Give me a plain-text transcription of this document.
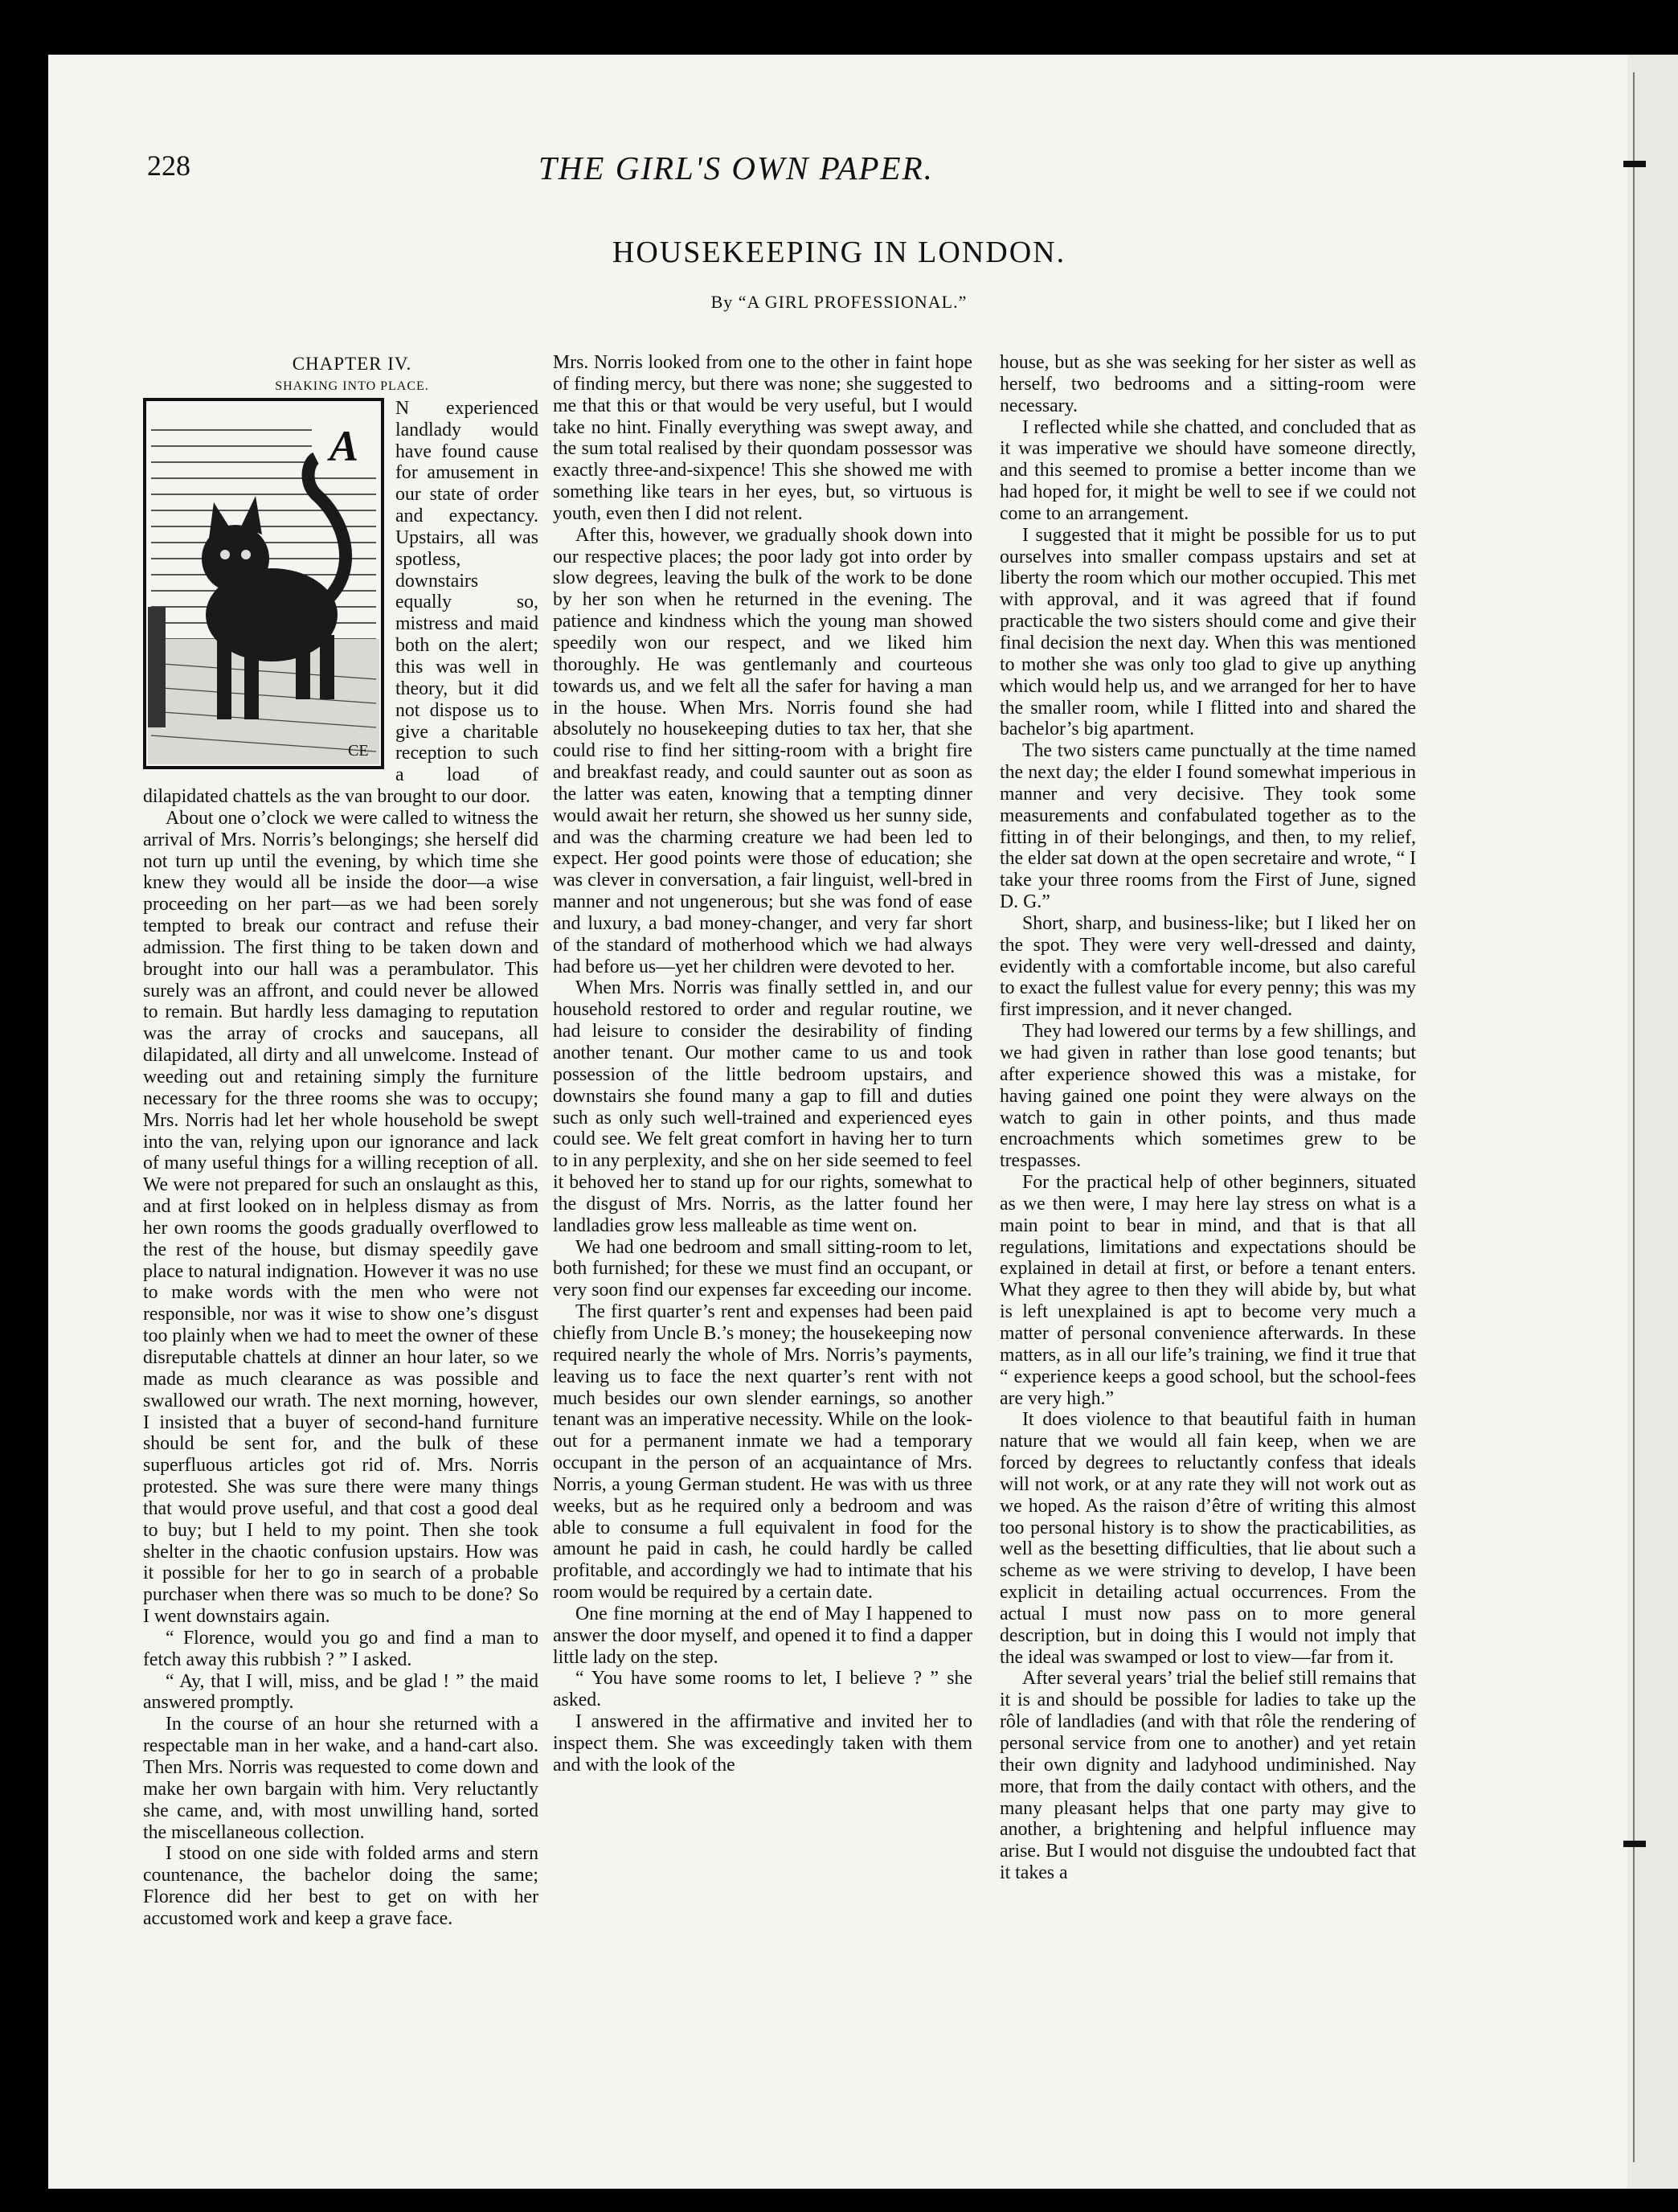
228	THE GIRL'S OWN PAPER.
HOUSEKEEPING IN LONDON.
By “A GIRL PROFESSIONAL.”

CHAPTER IV.

SHAKING INTO PLACE.

CE
A

N experienced landlady would have found cause for amusement in our state of order and expectancy. Upstairs, all was spotless, downstairs equally so, mistress and maid both on the alert; this was well in theory, but it did not dispose us to give a charitable reception to such a load of dilapidated chattels as the van brought to our door.

About one o’clock we were called to witness the arrival of Mrs. Norris’s belongings; she herself did not turn up until the evening, by which time she knew they would all be inside the door—a wise proceeding on her part—as we had been sorely tempted to break our contract and refuse their admission. The first thing to be taken down and brought into our hall was a perambulator. This surely was an affront, and could never be allowed to remain. But hardly less damaging to reputation was the array of crocks and saucepans, all dilapidated, all dirty and all unwelcome. Instead of weeding out and retaining simply the furniture necessary for the three rooms she was to occupy; Mrs. Norris had let her whole household be swept into the van, relying upon our ignorance and lack of many useful things for a willing reception of all. We were not prepared for such an onslaught as this, and at first looked on in helpless dismay as from her own rooms the goods gradually overflowed to the rest of the house, but dismay speedily gave place to natural indignation. However it was no use to make words with the men who were not responsible, nor was it wise to show one’s disgust too plainly when we had to meet the owner of these disreputable chattels at dinner an hour later, so we made as much clearance as was possible and swallowed our wrath. The next morning, however, I insisted that a buyer of second-hand furniture should be sent for, and the bulk of these superfluous articles got rid of. Mrs. Norris protested. She was sure there were many things that would prove useful, and that cost a good deal to buy; but I held to my point. Then she took shelter in the chaotic confusion upstairs. How was it possible for her to go in search of a probable purchaser when there was so much to be done? So I went downstairs again.

“ Florence, would you go and find a man to fetch away this rubbish ? ” I asked.

“ Ay, that I will, miss, and be glad ! ” the maid answered promptly.

In the course of an hour she returned with a respectable man in her wake, and a hand-cart also. Then Mrs. Norris was requested to come down and make her own bargain with him. Very reluctantly she came, and, with most unwilling hand, sorted the miscellaneous collection.

I stood on one side with folded arms and stern countenance, the bachelor doing the same; Florence did her best to get on with her accustomed work and keep a grave face.

Mrs. Norris looked from one to the other in faint hope of finding mercy, but there was none; she suggested to me that this or that would be very useful, but I would take no hint. Finally everything was swept away, and the sum total realised by their quondam possessor was exactly three-and-sixpence! This she showed me with something like tears in her eyes, but, so virtuous is youth, even then I did not relent.

After this, however, we gradually shook down into our respective places; the poor lady got into order by slow degrees, leaving the bulk of the work to be done by her son when he returned in the evening. The patience and kindness which the young man showed speedily won our respect, and we liked him thoroughly. He was gentlemanly and courteous towards us, and we felt all the safer for having a man in the house. When Mrs. Norris found she had absolutely no housekeeping duties to tax her, that she could rise to find her sitting-room with a bright fire and breakfast ready, and could saunter out as soon as the latter was eaten, knowing that a tempting dinner would await her return, she showed us her sunny side, and was the charming creature we had been led to expect. Her good points were those of education; she was clever in conversation, a fair linguist, well-bred in manner and not ungenerous; but she was fond of ease and luxury, a bad money-changer, and very far short of the standard of motherhood which we had always had before us—yet her children were devoted to her.

When Mrs. Norris was finally settled in, and our household restored to order and regular routine, we had leisure to consider the desirability of finding another tenant. Our mother came to us and took possession of the little bedroom upstairs, and downstairs she found many a gap to fill and duties such as only such well-trained and experienced eyes could see. We felt great comfort in having her to turn to in any perplexity, and she on her side seemed to feel it behoved her to stand up for our rights, somewhat to the disgust of Mrs. Norris, as the latter found her landladies grow less malleable as time went on.

We had one bedroom and small sitting-room to let, both furnished; for these we must find an occupant, or very soon find our expenses far exceeding our income.

The first quarter’s rent and expenses had been paid chiefly from Uncle B.’s money; the housekeeping now required nearly the whole of Mrs. Norris’s payments, leaving us to face the next quarter’s rent with not much besides our own slender earnings, so another tenant was an imperative necessity. While on the look-out for a permanent inmate we had a temporary occupant in the person of an acquaintance of Mrs. Norris, a young German student. He was with us three weeks, but as he required only a bedroom and was able to consume a full equivalent in food for the amount he paid in cash, he could hardly be called profitable, and accordingly we had to intimate that his room would be required by a certain date.

One fine morning at the end of May I happened to answer the door myself, and opened it to find a dapper little lady on the step.

“ You have some rooms to let, I believe ? ” she asked.

I answered in the affirmative and invited her to inspect them. She was exceedingly taken with them and with the look of the

house, but as she was seeking for her sister as well as herself, two bedrooms and a sitting-room were necessary.

I reflected while she chatted, and concluded that as it was imperative we should have someone directly, and this seemed to promise a better income than we had hoped for, it might be well to see if we could not come to an arrangement.

I suggested that it might be possible for us to put ourselves into smaller compass upstairs and set at liberty the room which our mother occupied. This met with approval, and it was agreed that if found practicable the two sisters should come and give their final decision the next day. When this was mentioned to mother she was only too glad to give up anything which would help us, and we arranged for her to have the smaller room, while I flitted into and shared the bachelor’s big apartment.

The two sisters came punctually at the time named the next day; the elder I found somewhat imperious in manner and very decisive. They took some measurements and confabulated together as to the fitting in of their belongings, and then, to my relief, the elder sat down at the open secretaire and wrote, “ I take your three rooms from the First of June, signed D. G.”

Short, sharp, and business-like; but I liked her on the spot. They were very well-dressed and dainty, evidently with a comfortable income, but also careful to exact the fullest value for every penny; this was my first impression, and it never changed.

They had lowered our terms by a few shillings, and we had given in rather than lose good tenants; but after experience showed this was a mistake, for having gained one point they were always on the watch to gain in other points, and thus made encroachments which sometimes grew to be trespasses.

For the practical help of other beginners, situated as we then were, I may here lay stress on what is a main point to bear in mind, and that is that all regulations, limitations and expectations should be explained in detail at first, or before a tenant enters. What they agree to then they will abide by, but what is left unexplained is apt to become very much a matter of personal convenience afterwards. In these matters, as in all our life’s training, we find it true that “ experience keeps a good school, but the school-fees are very high.”

It does violence to that beautiful faith in human nature that we would all fain keep, when we are forced by degrees to reluctantly confess that ideals will not work, or at any rate they will not work out as we hoped. As the raison d’être of writing this almost too personal history is to show the practicabilities, as well as the besetting difficulties, that lie about such a scheme as we were striving to develop, I have been explicit in detailing actual occurrences. From the actual I must now pass on to more general description, but in doing this I would not imply that the ideal was swamped or lost to view—far from it.

After several years’ trial the belief still remains that it is and should be possible for ladies to take up the rôle of landladies (and with that rôle the rendering of personal service from one to another) and yet retain their own dignity and ladyhood undiminished. Nay more, that from the daily contact with others, and the many pleasant helps that one party may give to another, a brightening and helpful influence may arise. But I would not disguise the undoubted fact that it takes a
